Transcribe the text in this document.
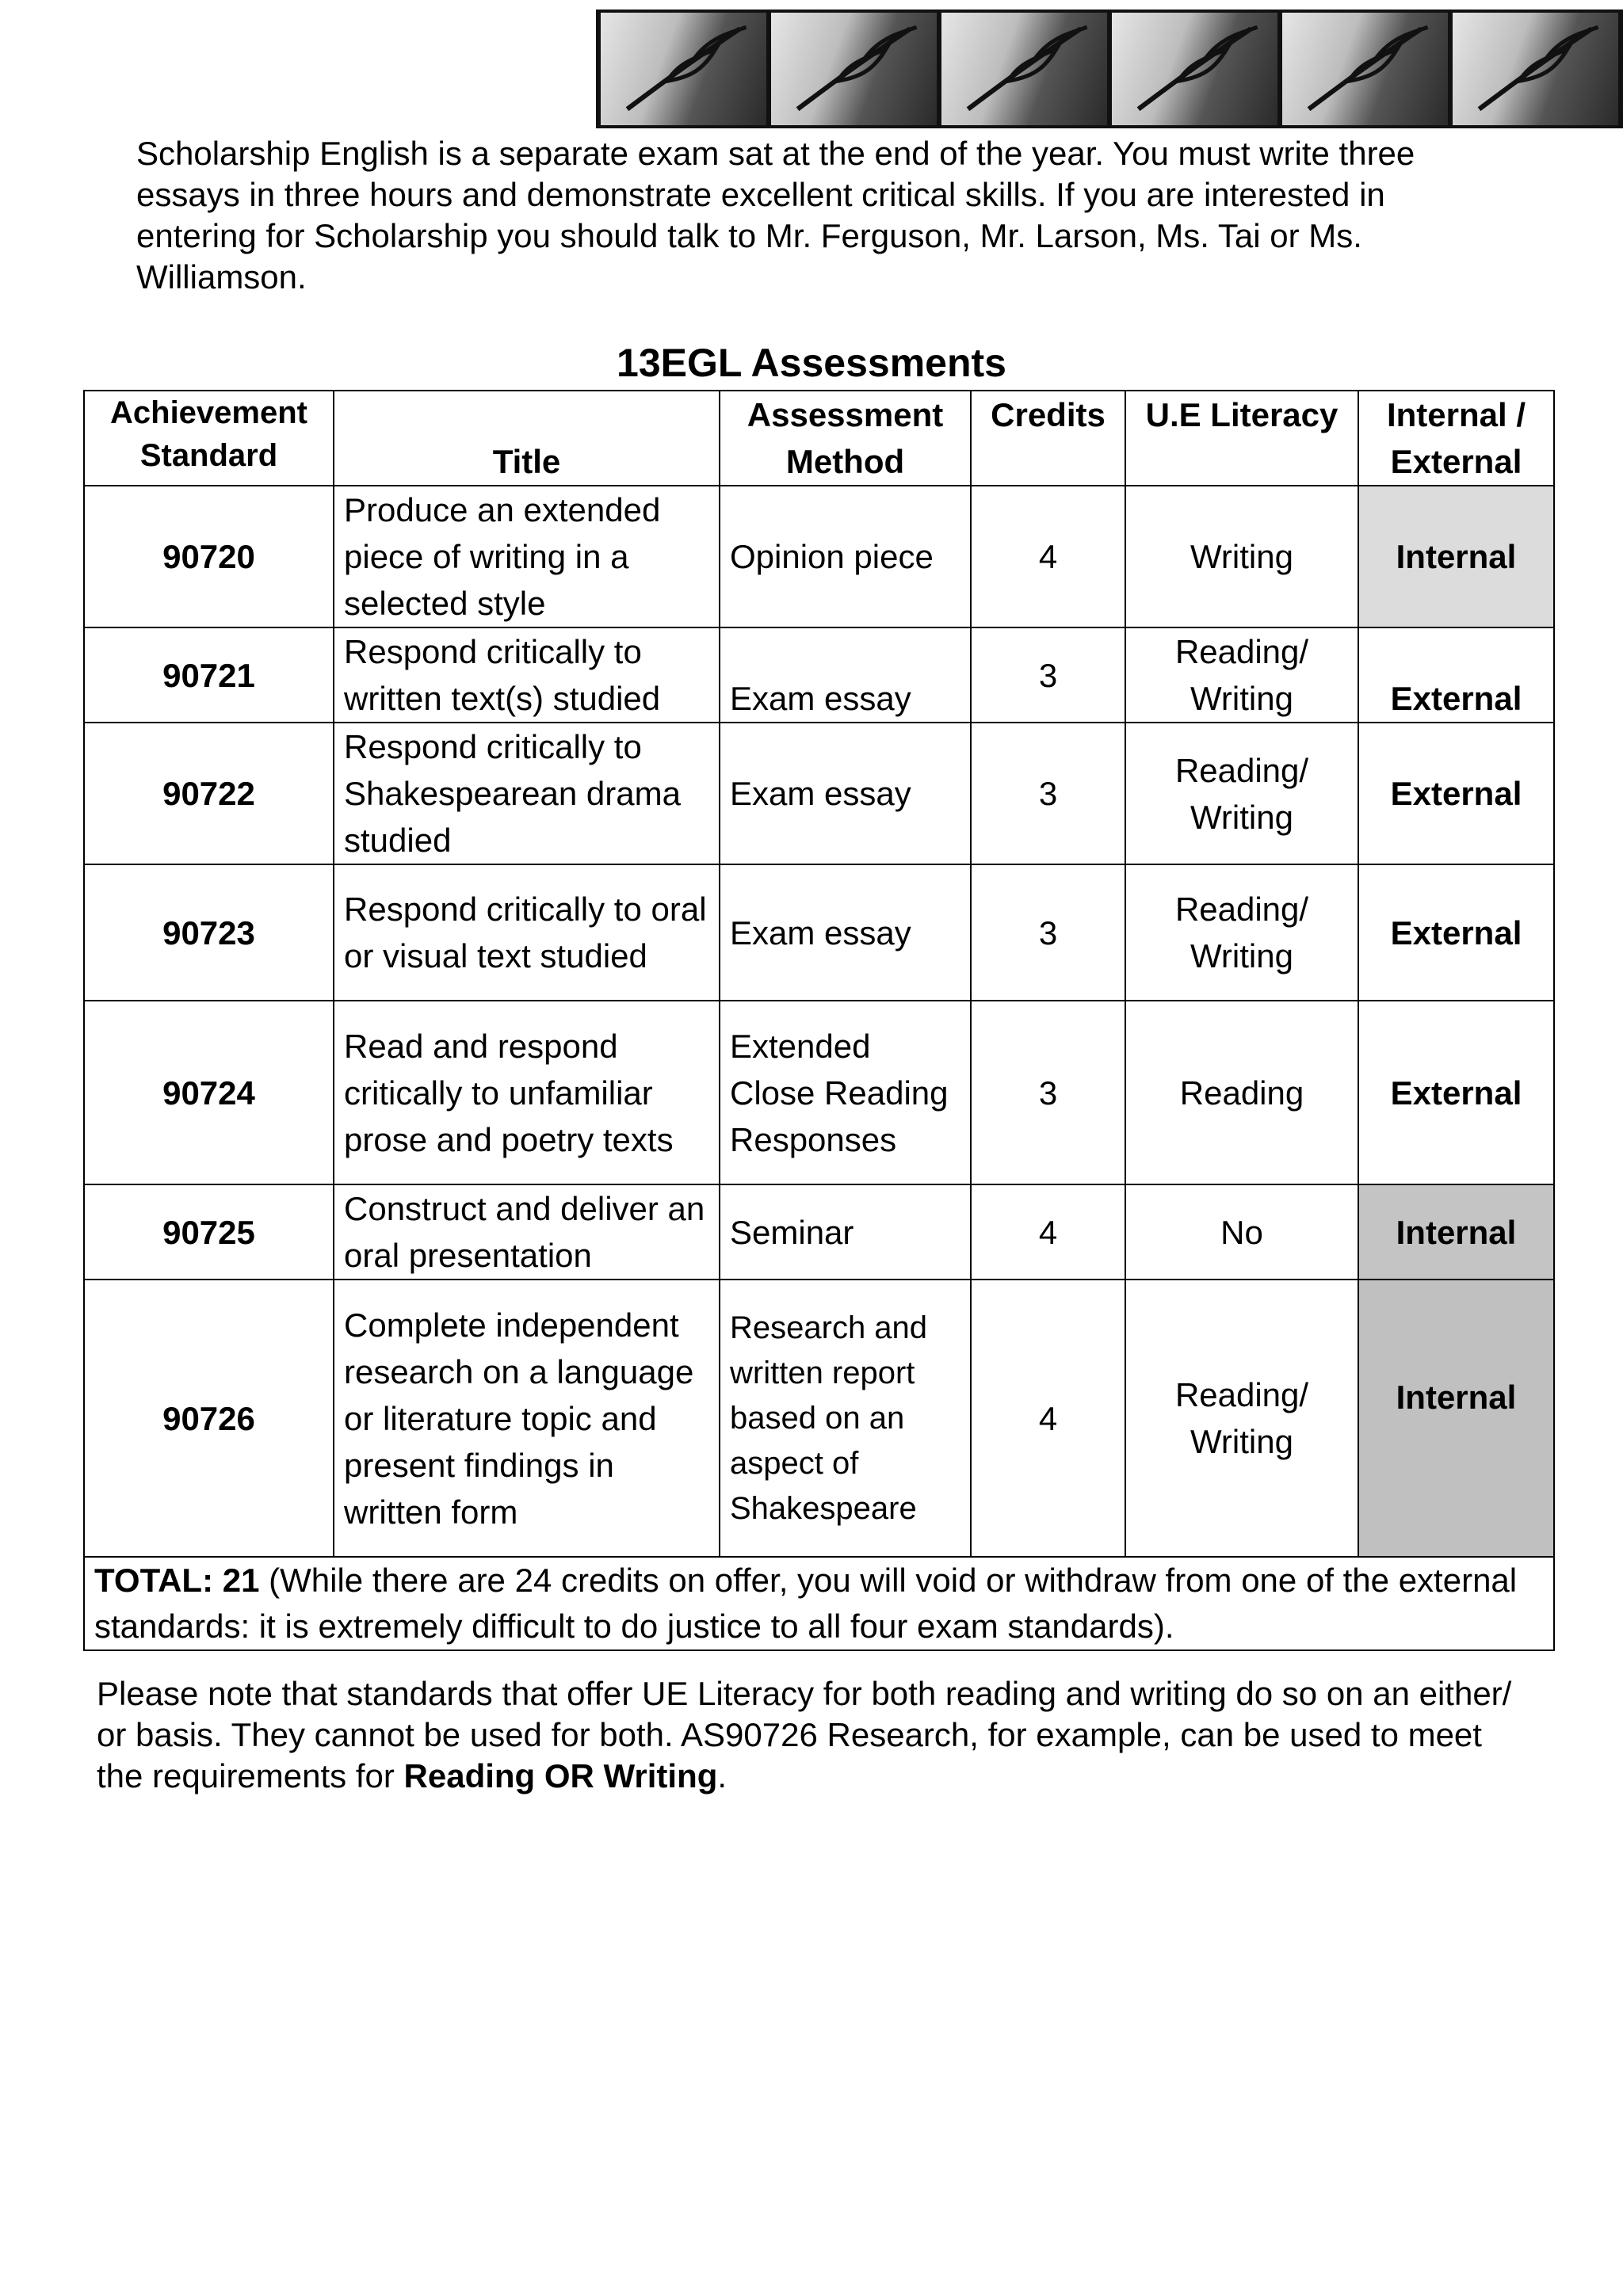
Scholarship English is a separate exam sat at the end of the year. You must write three essays in three hours and demonstrate excellent critical skills. If you are interested in entering for Scholarship you should talk to Mr. Ferguson, Mr. Larson, Ms. Tai or Ms. Williamson.

13EGL Assessments
Achievement Standard	Title	Assessment Method	Credits	U.E Literacy	Internal / External
90720	Produce an extended piece of writing in a selected style	Opinion piece	4	Writing	Internal
90721	Respond critically to written text(s) studied	Exam essay	3	Reading/ Writing	External
90722	Respond critically to Shakespearean drama studied	Exam essay	3	Reading/ Writing	External
90723	Respond critically to oral or visual text studied	Exam essay	3	Reading/ Writing	External
90724	Read and respond critically to unfamiliar prose and poetry texts	Extended Close Reading Responses	3	Reading	External
90725	Construct and deliver an oral presentation	Seminar	4	No	Internal
90726	Complete independent research on a language or literature topic and present findings in written form	Research and written report based on an aspect of Shakespeare	4	Reading/ Writing	Internal
TOTAL: 21 (While there are 24 credits on offer, you will void or withdraw from one of the external standards: it is extremely difficult to do justice to all four exam standards).					

Please note that standards that offer UE Literacy for both reading and writing do so on an either/ or basis. They cannot be used for both. AS90726 Research, for example, can be used to meet the requirements for Reading OR Writing.
